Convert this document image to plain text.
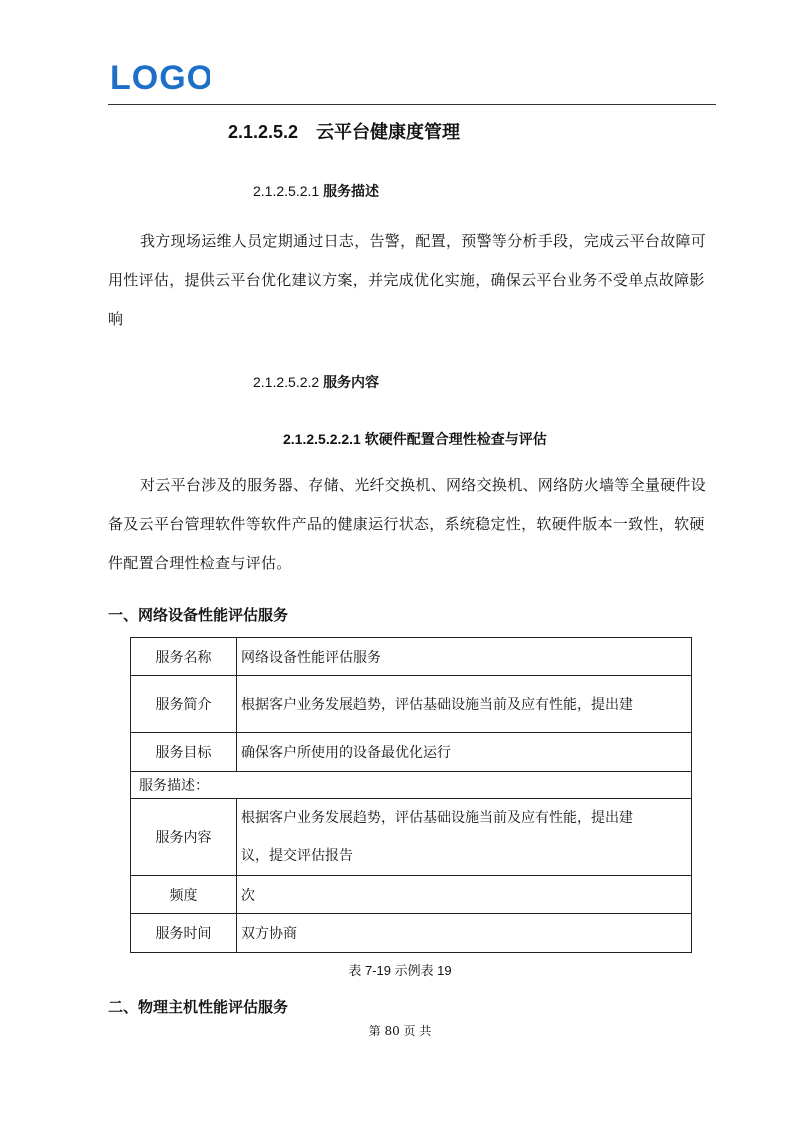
LOGO
2.1.2.5.2 云平台健康度管理
2.1.2.5.2.1 服务描述
我方现场运维人员定期通过日志，告警，配置，预警等分析手段，完成云平台故障可用性评估，提供云平台优化建议方案，并完成优化实施，确保云平台业务不受单点故障影响
2.1.2.5.2.2 服务内容
2.1.2.5.2.2.1 软硬件配置合理性检查与评估
对云平台涉及的服务器、存储、光纤交换机、网络交换机、网络防火墙等全量硬件设备及云平台管理软件等软件产品的健康运行状态，系统稳定性，软硬件版本一致性，软硬件配置合理性检查与评估。
一、网络设备性能评估服务
服务名称	网络设备性能评估服务
服务简介	根据客户业务发展趋势，评估基础设施当前及应有性能，提出建
服务目标	确保客户所使用的设备最优化运行
服务描述：	
服务内容	根据客户业务发展趋势，评估基础设施当前及应有性能，提出建
议，提交评估报告

频度	次
服务时间	双方协商
表 7-19 示例表 19
二、物理主机性能评估服务
第 80 页 共
